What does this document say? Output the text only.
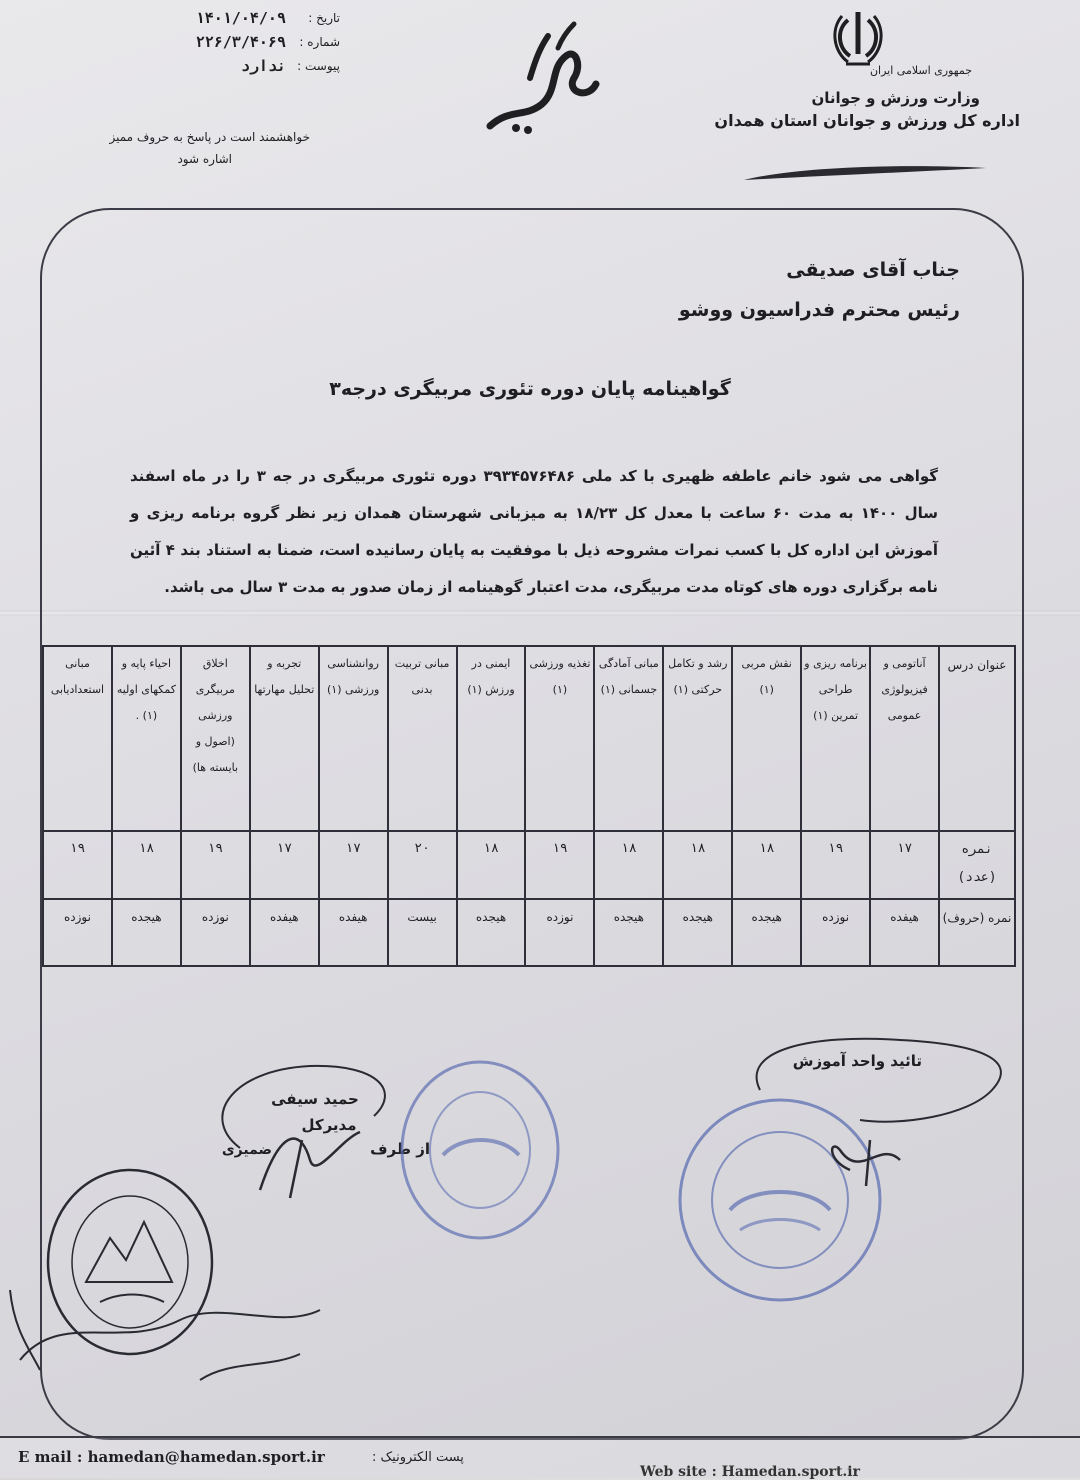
تاریخ :
۱۴۰۱/۰۴/۰۹
شماره :
۲۲۶/۳/۴۰۶۹
پیوست :
ندارد
خواهشمند است در پاسخ به حروف ممیز
اشاره شود
جمهوری اسلامی ایران
وزارت ورزش و جوانان
اداره کل ورزش و جوانان استان همدان
جناب آقای صدیقی
رئیس محترم فدراسیون ووشو
گواهینامه پایان دوره تئوری مربیگری درجه۳
گواهی می شود خانم عاطفه ظهیری با کد ملی ۳۹۳۴۵۷۶۴۸۶ دوره تئوری مربیگری در جه ۳ را در ماه اسفند سال ۱۴۰۰ به مدت ۶۰ ساعت با معدل کل ۱۸/۲۳ به میزبانی شهرستان همدان زیر نظر گروه برنامه ریزی و آموزش این اداره کل با کسب نمرات مشروحه ذیل با موفقیت به پایان رسانیده است، ضمنا به استناد بند ۴ آئین نامه برگزاری دوره های کوتاه مدت مربیگری، مدت اعتبار گوهینامه از زمان صدور به مدت ۳ سال می باشد.
عنوان درس	آناتومی و فیزیولوژی عمومی	برنامه ریزی و طراحی تمرین (۱)	نقش مربی (۱)	رشد و تکامل حرکتی (۱)	مبانی آمادگی جسمانی (۱)	تغذیه ورزشی (۱)	ایمنی در ورزش (۱)	مبانی تربیت بدنی	روانشناسی ورزشی (۱)	تجربه و تحلیل مهارتها	اخلاق مربیگری ورزشی (اصول و بایسته ها)	احیاء پایه و کمکهای اولیه (۱) .	مبانی استعدادیابی
نمره (عدد)	۱۷	۱۹	۱۸	۱۸	۱۸	۱۹	۱۸	۲۰	۱۷	۱۷	۱۹	۱۸	۱۹
نمره (حروف)	هیفده	نوزده	هیجده	هیجده	هیجده	نوزده	هیجده	بیست	هیفده	هیفده	نوزده	هیجده	نوزده
تائید واحد آموزش
حمید سیفی
مدیرکل
از طرف
ضمیری
E mail : hamedan@hamedan.sport.ir	پست الکترونیک :
Web site : Hamedan.sport.ir
